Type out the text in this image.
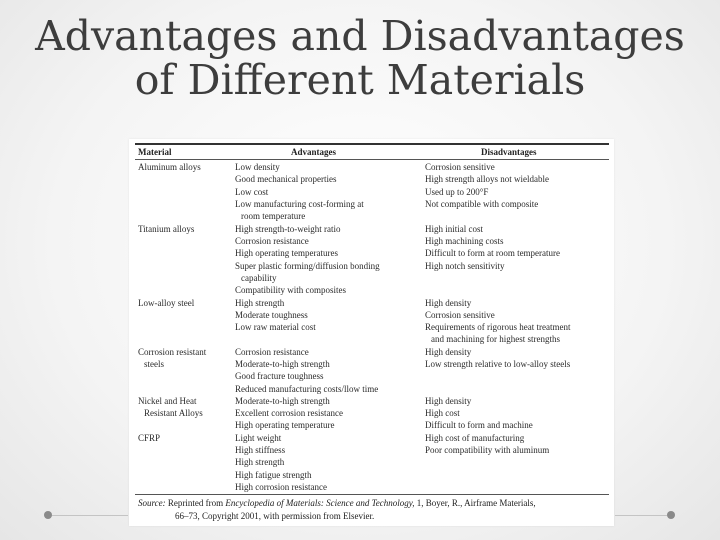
Advantages and Disadvantages
of Different Materials
Material	Advantages	Disadvantages
Aluminum alloys
Titanium alloys
Low-alloy steel
Corrosion resistant
steels
Nickel and Heat
Resistant Alloys
CFRP
Low density
Good mechanical properties
Low cost
Low manufacturing cost-forming at
room temperature
High strength-to-weight ratio
Corrosion resistance
High operating temperatures
Super plastic forming/diffusion bonding
capability
Compatibility with composites
High strength
Moderate toughness
Low raw material cost
Corrosion resistance
Moderate-to-high strength
Good fracture toughness
Reduced manufacturing costs/llow time
Moderate-to-high strength
Excellent corrosion resistance
High operating temperature
Light weight
High stiffness
High strength
High fatigue strength
High corrosion resistance
Corrosion sensitive
High strength alloys not wieldable
Used up to 200°F
Not compatible with composite
High initial cost
High machining costs
Difficult to form at room temperature
High notch sensitivity
High density
Corrosion sensitive
Requirements of rigorous heat treatment
and machining for highest strengths
High density
Low strength relative to low-alloy steels
High density
High cost
Difficult to form and machine
High cost of manufacturing
Poor compatibility with aluminum
Source: Reprinted from Encyclopedia of Materials: Science and Technology, 1, Boyer, R., Airframe Materials,
66–73, Copyright 2001, with permission from Elsevier.
